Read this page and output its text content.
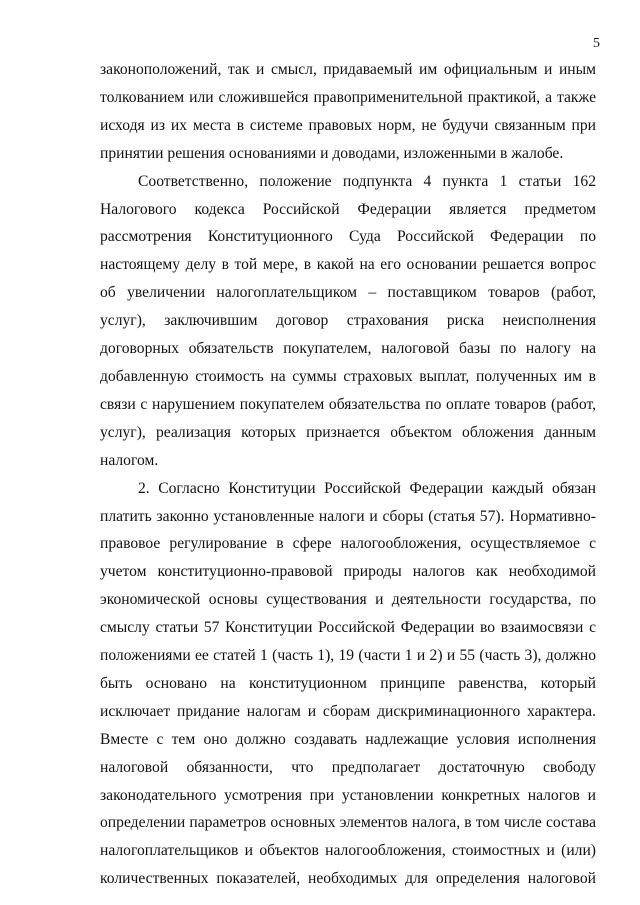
5

законоположений, так и смысл, придаваемый им официальным и иным толкованием или сложившейся правоприменительной практикой, а также исходя из их места в системе правовых норм, не будучи связанным при принятии решения основаниями и доводами, изложенными в жалобе.

Соответственно, положение подпункта 4 пункта 1 статьи 162 Налогового кодекса Российской Федерации является предметом рассмотрения Конституционного Суда Российской Федерации по настоящему делу в той мере, в какой на его основании решается вопрос об увеличении налогоплательщиком – поставщиком товаров (работ, услуг), заключившим договор страхования риска неисполнения договорных обязательств покупателем, налоговой базы по налогу на добавленную стоимость на суммы страховых выплат, полученных им в связи с нарушением покупателем обязательства по оплате товаров (работ, услуг), реализация которых признается объектом обложения данным налогом.

2. Согласно Конституции Российской Федерации каждый обязан платить законно установленные налоги и сборы (статья 57). Нормативно-правовое регулирование в сфере налогообложения, осуществляемое с учетом конституционно-правовой природы налогов как необходимой экономической основы существования и деятельности государства, по смыслу статьи 57 Конституции Российской Федерации во взаимосвязи с положениями ее статей 1 (часть 1), 19 (части 1 и 2) и 55 (часть 3), должно быть основано на конституционном принципе равенства, который исключает придание налогам и сборам дискриминационного характера. Вместе с тем оно должно создавать надлежащие условия исполнения налоговой обязанности, что предполагает достаточную свободу законодательного усмотрения при установлении конкретных налогов и определении параметров основных элементов налога, в том числе состава налогоплательщиков и объектов налогообложения, стоимостных и (или) количественных показателей, необходимых для определения налоговой
